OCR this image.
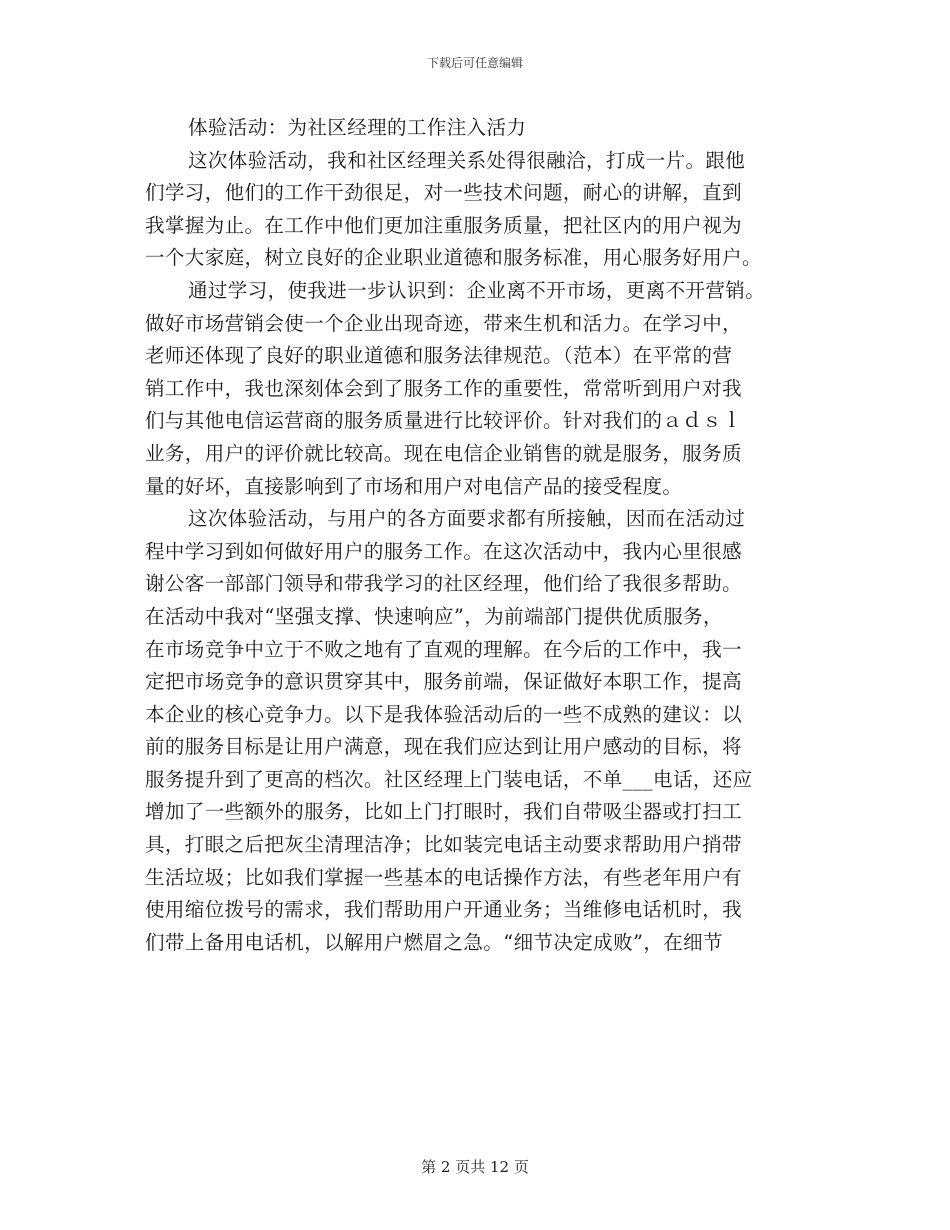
下载后可任意编辑
体验活动：为社区经理的工作注入活力
这次体验活动，我和社区经理关系处得很融洽，打成一片。跟他
们学习，他们的工作干劲很足，对一些技术问题，耐心的讲解，直到
我掌握为止。在工作中他们更加注重服务质量，把社区内的用户视为
一个大家庭，树立良好的企业职业道德和服务标准，用心服务好用户。
通过学习，使我进一步认识到：企业离不开市场，更离不开营销。
做好市场营销会使一个企业出现奇迹，带来生机和活力。在学习中，
老师还体现了良好的职业道德和服务法律规范。（范本）在平常的营
销工作中，我也深刻体会到了服务工作的重要性，常常听到用户对我
们与其他电信运营商的服务质量进行比较评价。针对我们的ａｄｓｌ
业务，用户的评价就比较高。现在电信企业销售的就是服务，服务质
量的好坏，直接影响到了市场和用户对电信产品的接受程度。
这次体验活动，与用户的各方面要求都有所接触，因而在活动过
程中学习到如何做好用户的服务工作。在这次活动中，我内心里很感
谢公客一部部门领导和带我学习的社区经理，他们给了我很多帮助。
在活动中我对“坚强支撑、快速响应”，为前端部门提供优质服务，
在市场竞争中立于不败之地有了直观的理解。在今后的工作中，我一
定把市场竞争的意识贯穿其中，服务前端，保证做好本职工作，提高
本企业的核心竞争力。以下是我体验活动后的一些不成熟的建议：以
前的服务目标是让用户满意，现在我们应达到让用户感动的目标，将
服务提升到了更高的档次。社区经理上门装电话，不单___电话，还应
增加了一些额外的服务，比如上门打眼时，我们自带吸尘器或打扫工
具，打眼之后把灰尘清理洁净；比如装完电话主动要求帮助用户捎带
生活垃圾；比如我们掌握一些基本的电话操作方法，有些老年用户有
使用缩位拨号的需求，我们帮助用户开通业务；当维修电话机时，我
们带上备用电话机，以解用户燃眉之急。“细节决定成败”，在细节
第 2 页共 12 页
